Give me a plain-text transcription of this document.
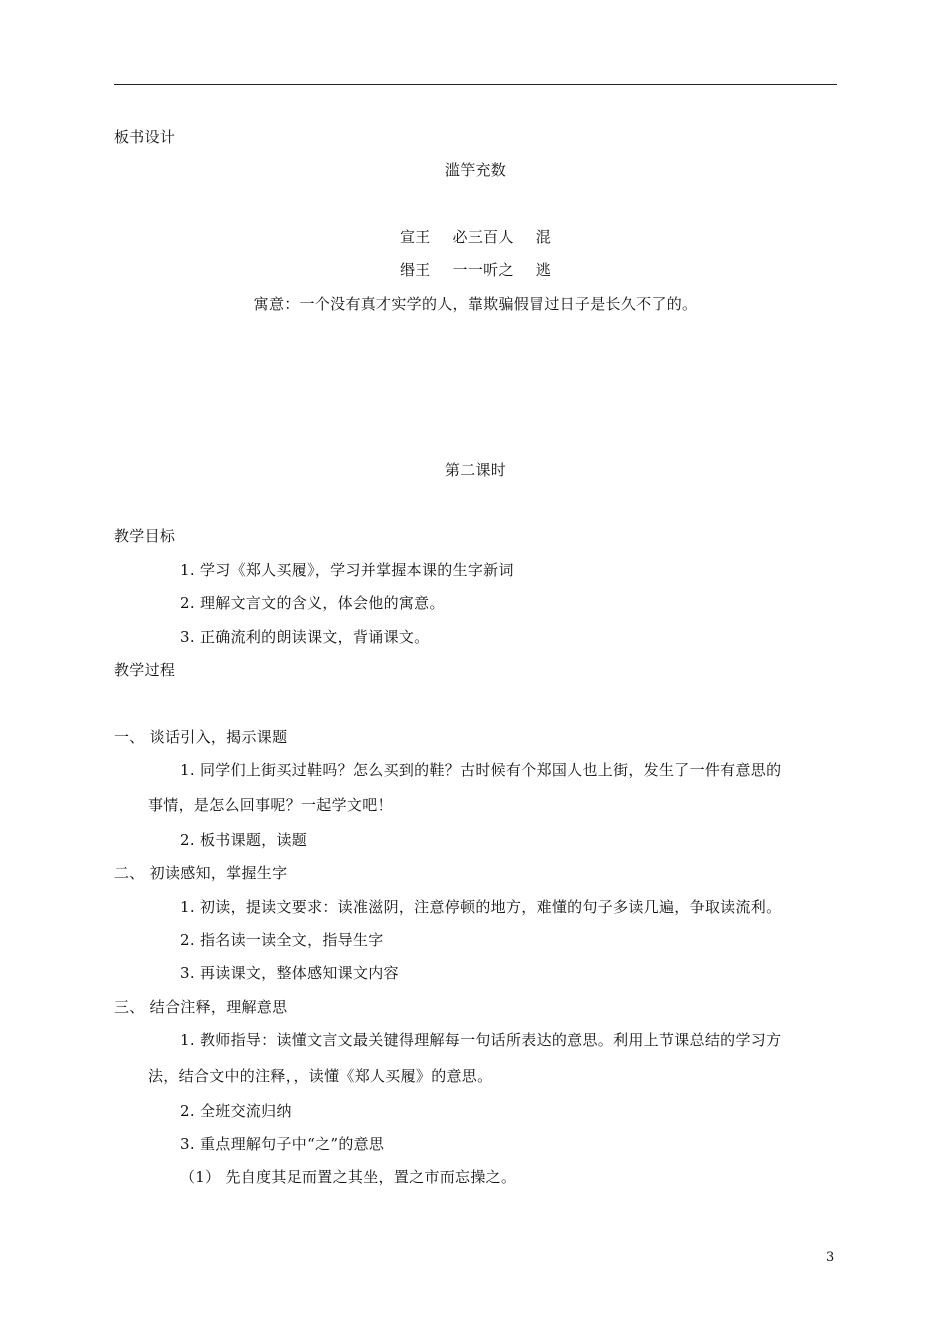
板书设计
滥竽充数
宣王 必三百人 混
缗王 一一听之 逃
寓意：一个没有真才实学的人，靠欺骗假冒过日子是长久不了的。
第二课时
教学目标
1. 学习《郑人买履》，学习并掌握本课的生字新词
2. 理解文言文的含义，体会他的寓意。
3. 正确流利的朗读课文，背诵课文。
教学过程
一、 谈话引入，揭示课题
1. 同学们上街买过鞋吗？怎么买到的鞋？古时候有个郑国人也上街，发生了一件有意思的
事情，是怎么回事呢？一起学文吧！
2. 板书课题，读题
二、 初读感知，掌握生字
1. 初读，提读文要求：读准滋阴，注意停顿的地方，难懂的句子多读几遍，争取读流利。
2. 指名读一读全文，指导生字
3. 再读课文，整体感知课文内容
三、 结合注释，理解意思
1. 教师指导：读懂文言文最关键得理解每一句话所表达的意思。利用上节课总结的学习方
法，结合文中的注释，，读懂《郑人买履》的意思。
2. 全班交流归纳
3. 重点理解句子中“之”的意思
（1） 先自度其足而置之其坐，置之市而忘操之。
3
